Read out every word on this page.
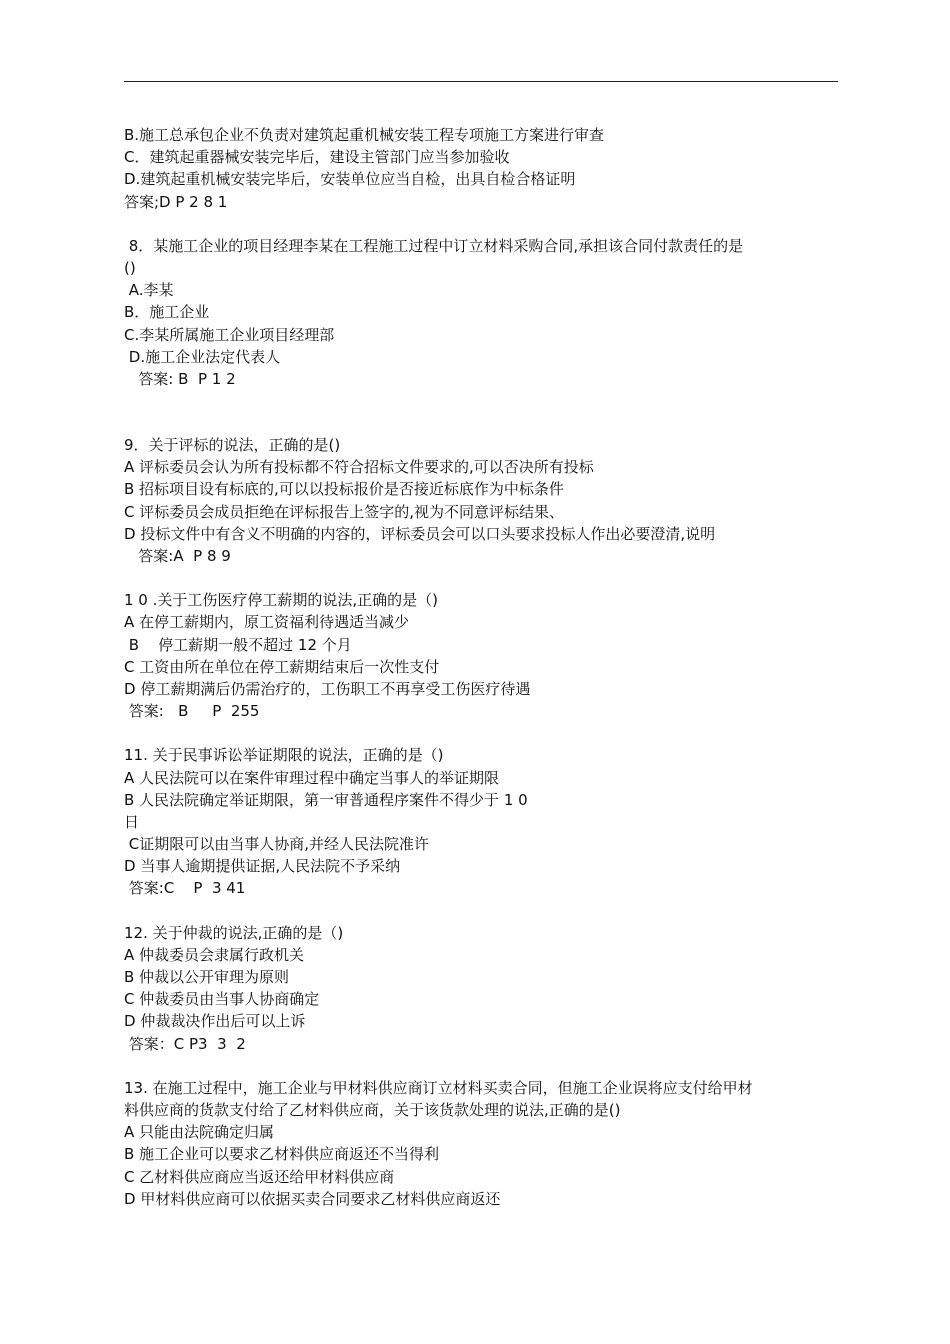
B.施工总承包企业不负责对建筑起重机械安装工程专项施工方案进行审查
C．建筑起重器械安装完毕后，建设主管部门应当参加验收
D.建筑起重机械安装完毕后，安装单位应当自检，出具自检合格证明
答案;D P 2 8 1
8．某施工企业的项目经理李某在工程施工过程中订立材料采购合同,承担该合同付款责任的是
()
A.李某
B．施工企业
C.李某所属施工企业项目经理部
D.施工企业法定代表人
答案: B  P 1 2
9．关于评标的说法，正确的是()
A 评标委员会认为所有投标都不符合招标文件要求的,可以否决所有投标
B 招标项目设有标底的,可以以投标报价是否接近标底作为中标条件
C 评标委员会成员拒绝在评标报告上签字的,视为不同意评标结果、
D 投标文件中有含义不明确的内容的，评标委员会可以口头要求投标人作出必要澄清,说明
答案:A  P 8 9
1 0 .关于工伤医疗停工薪期的说法,正确的是（)
A 在停工薪期内，原工资福利待遇适当减少
B    停工薪期一般不超过 12 个月
C 工资由所在单位在停工薪期结束后一次性支付
D 停工薪期满后仍需治疗的，工伤职工不再享受工伤医疗待遇
答案:   B     P  255
11. 关于民事诉讼举证期限的说法，正确的是（)
A 人民法院可以在案件审理过程中确定当事人的举证期限
B 人民法院确定举证期限，第一审普通程序案件不得少于 1 0
日
C证期限可以由当事人协商,并经人民法院准许
D 当事人逾期提供证据,人民法院不予采纳
答案:C    P  3 41
12. 关于仲裁的说法,正确的是（)
A 仲裁委员会隶属行政机关
B 仲裁以公开审理为原则
C 仲裁委员由当事人协商确定
D 仲裁裁决作出后可以上诉
答案：C P3  3  2
13. 在施工过程中，施工企业与甲材料供应商订立材料买卖合同，但施工企业误将应支付给甲材
料供应商的货款支付给了乙材料供应商，关于该货款处理的说法,正确的是()
A 只能由法院确定归属
B 施工企业可以要求乙材料供应商返还不当得利
C 乙材料供应商应当返还给甲材料供应商
D 甲材料供应商可以依据买卖合同要求乙材料供应商返还
